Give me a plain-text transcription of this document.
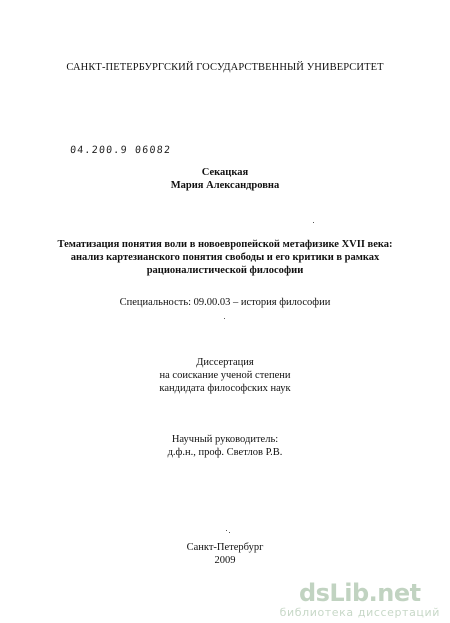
САНКТ-ПЕТЕРБУРГСКИЙ ГОСУДАРСТВЕННЫЙ УНИВЕРСИТЕТ
04.200.9 06082
Секацкая
Мария Александровна
Тематизация понятия воли в новоевропейской метафизике XVII века:
анализ картезианского понятия свободы и его критики в рамках
рационалистической философии
Специальность: 09.00.03 – история философии
Диссертация
на соискание ученой степени
кандидата философских наук
Научный руководитель:
д.ф.н., проф. Светлов Р.В.
Санкт-Петербург
2009
dsLib.net
библиотека диссертаций
